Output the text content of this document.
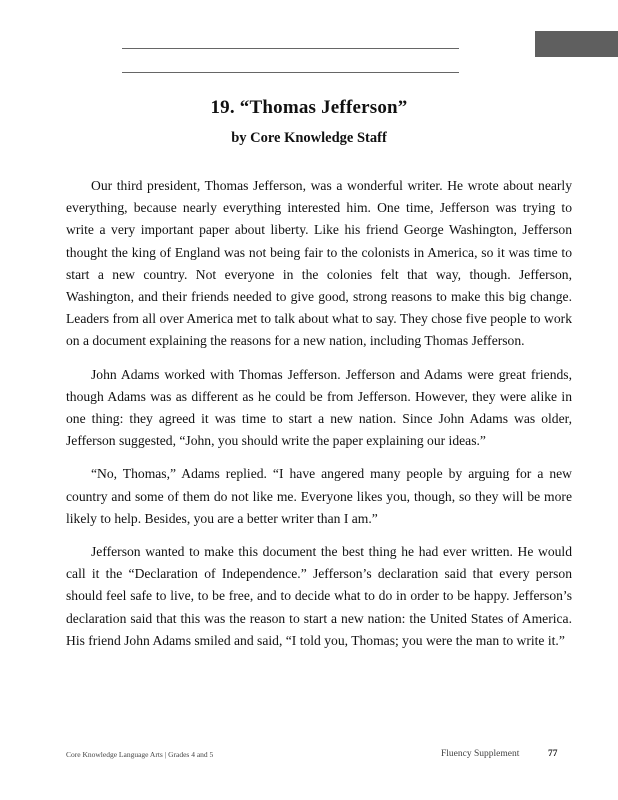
19. “Thomas Jefferson”
by Core Knowledge Staff

Our third president, Thomas Jefferson, was a wonderful writer. He wrote about nearly everything, because nearly everything interested him. One time, Jefferson was trying to write a very important paper about liberty. Like his friend George Washington, Jefferson thought the king of England was not being fair to the colonists in America, so it was time to start a new country. Not everyone in the colonies felt that way, though. Jefferson, Washington, and their friends needed to give good, strong reasons to make this big change. Leaders from all over America met to talk about what to say. They chose five people to work on a document explaining the reasons for a new nation, including Thomas Jefferson.

John Adams worked with Thomas Jefferson. Jefferson and Adams were great friends, though Adams was as different as he could be from Jefferson. However, they were alike in one thing: they agreed it was time to start a new nation. Since John Adams was older, Jefferson suggested, “John, you should write the paper explaining our ideas.”

“No, Thomas,” Adams replied. “I have angered many people by arguing for a new country and some of them do not like me. Everyone likes you, though, so they will be more likely to help. Besides, you are a better writer than I am.”

Jefferson wanted to make this document the best thing he had ever written. He would call it the “Declaration of Independence.” Jefferson’s declaration said that every person should feel safe to live, to be free, and to decide what to do in order to be happy. Jefferson’s declaration said that this was the reason to start a new nation: the United States of America. His friend John Adams smiled and said, “I told you, Thomas; you were the man to write it.”

Core Knowledge Language Arts | Grades 4 and 5	Fluency Supplement	77
